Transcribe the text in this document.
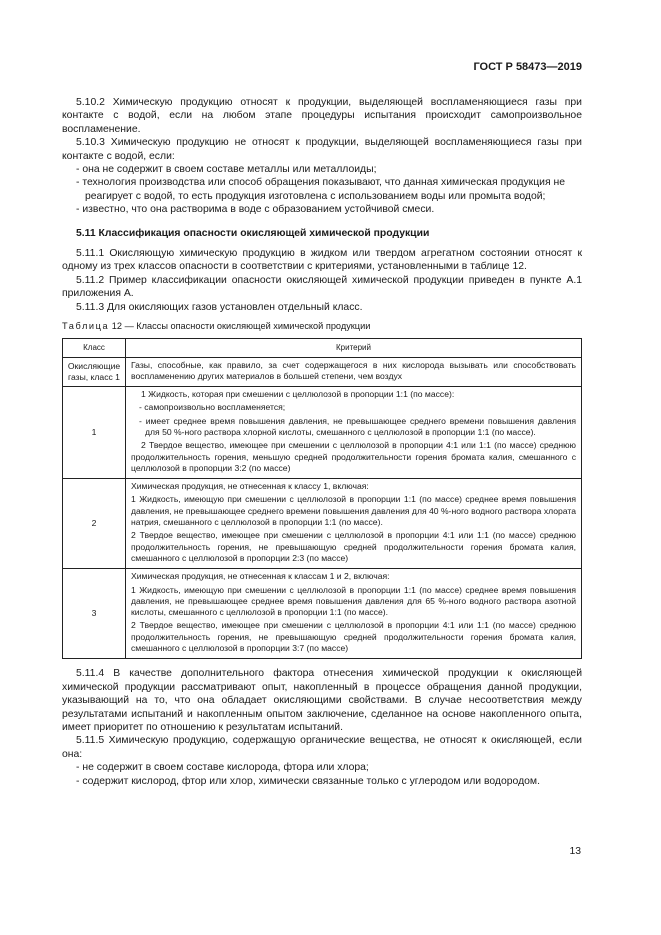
ГОСТ Р 58473—2019

5.10.2 Химическую продукцию относят к продукции, выделяющей воспламеняющиеся газы при контакте с водой, если на любом этапе процедуры испытания происходит самопроизвольное воспламенение.

5.10.3 Химическую продукцию не относят к продукции, выделяющей воспламеняющиеся газы при контакте с водой, если:

- она не содержит в своем составе металлы или металлоиды;

- технология производства или способ обращения показывают, что данная химическая продукция не реагирует с водой, то есть продукция изготовлена с использованием воды или промыта водой;

- известно, что она растворима в воде с образованием устойчивой смеси.

5.11 Классификация опасности окисляющей химической продукции

5.11.1 Окисляющую химическую продукцию в жидком или твердом агрегатном состоянии относят к одному из трех классов опасности в соответствии с критериями, установленными в таблице 12.

5.11.2 Пример классификации опасности окисляющей химической продукции приведен в пункте А.1 приложения А.

5.11.3 Для окисляющих газов установлен отдельный класс.

Таблица 12 — Классы опасности окисляющей химической продукции
Класс	Критерий
Окисляющие газы, класс 1	Газы, способные, как правило, за счет содержащегося в них кислорода вызывать или способствовать воспламенению других материалов в большей степени, чем воздух

1	1 Жидкость, которая при смешении с целлюлозой в пропорции 1:1 (по массе):

- самопроизвольно воспламеняется;

- имеет среднее время повышения давления, не превышающее среднего времени повышения давления для 50 %-ного раствора хлорной кислоты, смешанного с целлюлозой в пропорции 1:1 (по массе).

2 Твердое вещество, имеющее при смешении с целлюлозой в пропорции 4:1 или 1:1 (по массе) среднюю продолжительность горения, меньшую средней продолжительности горения бромата калия, смешанного с целлюлозой в пропорции 3:2 (по массе)

2	Химическая продукция, не отнесенная к классу 1, включая:

1 Жидкость, имеющую при смешении с целлюлозой в пропорции 1:1 (по массе) среднее время повышения давления, не превышающее среднего времени повышения давления для 40 %-ного водного раствора хлората натрия, смешанного с целлюлозой в пропорции 1:1 (по массе).

2 Твердое вещество, имеющее при смешении с целлюлозой в пропорции 4:1 или 1:1 (по массе) среднюю продолжительность горения, не превышающую средней продолжительности горения бромата калия, смешанного с целлюлозой в пропорции 2:3 (по массе)

3	Химическая продукция, не отнесенная к классам 1 и 2, включая:

1 Жидкость, имеющую при смешении с целлюлозой в пропорции 1:1 (по массе) среднее время повышения давления, не превышающее среднее время повышения давления для 65 %-ного водного раствора азотной кислоты, смешанного с целлюлозой в пропорции 1:1 (по массе).

2 Твердое вещество, имеющее при смешении с целлюлозой в пропорции 4:1 или 1:1 (по массе) среднюю продолжительность горения, не превышающую средней продолжительности горения бромата калия, смешанного с целлюлозой в пропорции 3:7 (по массе)

5.11.4 В качестве дополнительного фактора отнесения химической продукции к окисляющей химической продукции рассматривают опыт, накопленный в процессе обращения данной продукции, указывающий на то, что она обладает окисляющими свойствами. В случае несоответствия между результатами испытаний и накопленным опытом заключение, сделанное на основе накопленного опыта, имеет приоритет по отношению к результатам испытаний.

5.11.5 Химическую продукцию, содержащую органические вещества, не относят к окисляющей, если она:

- не содержит в своем составе кислорода, фтора или хлора;

- содержит кислород, фтор или хлор, химически связанные только с углеродом или водородом.

13
